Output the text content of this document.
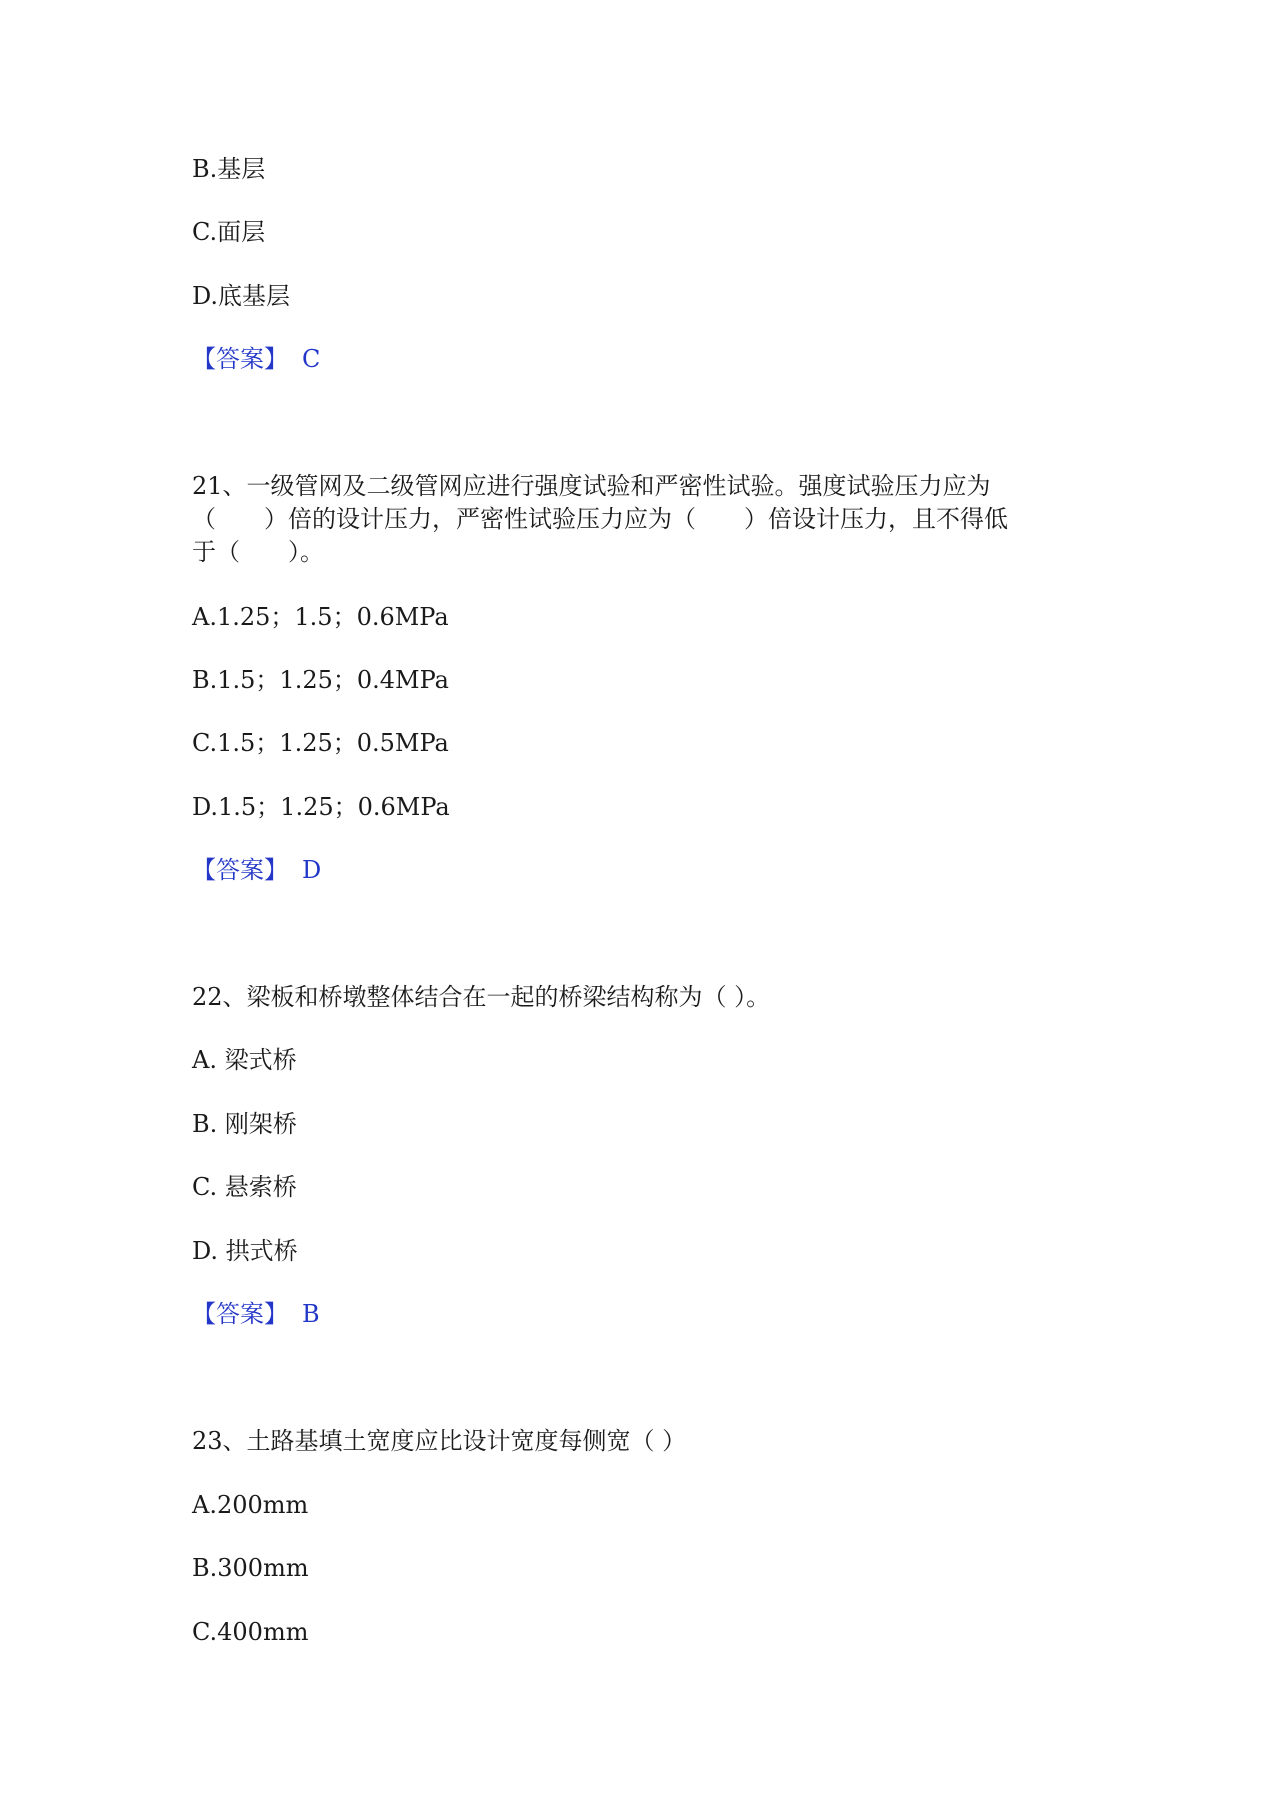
B.基层
C.面层
D.底基层
【答案】 C
21、一级管网及二级管网应进行强度试验和严密性试验。强度试验压力应为
（　　）倍的设计压力，严密性试验压力应为（　　）倍设计压力，且不得低
于（　　）。
A.1.25；1.5；0.6MPa
B.1.5；1.25；0.4MPa
C.1.5；1.25；0.5MPa
D.1.5；1.25；0.6MPa
【答案】 D
22、梁板和桥墩整体结合在一起的桥梁结构称为（ ）。
A. 梁式桥
B. 刚架桥
C. 悬索桥
D. 拱式桥
【答案】 B
23、土路基填土宽度应比设计宽度每侧宽（ ）
A.200mm
B.300mm
C.400mm
